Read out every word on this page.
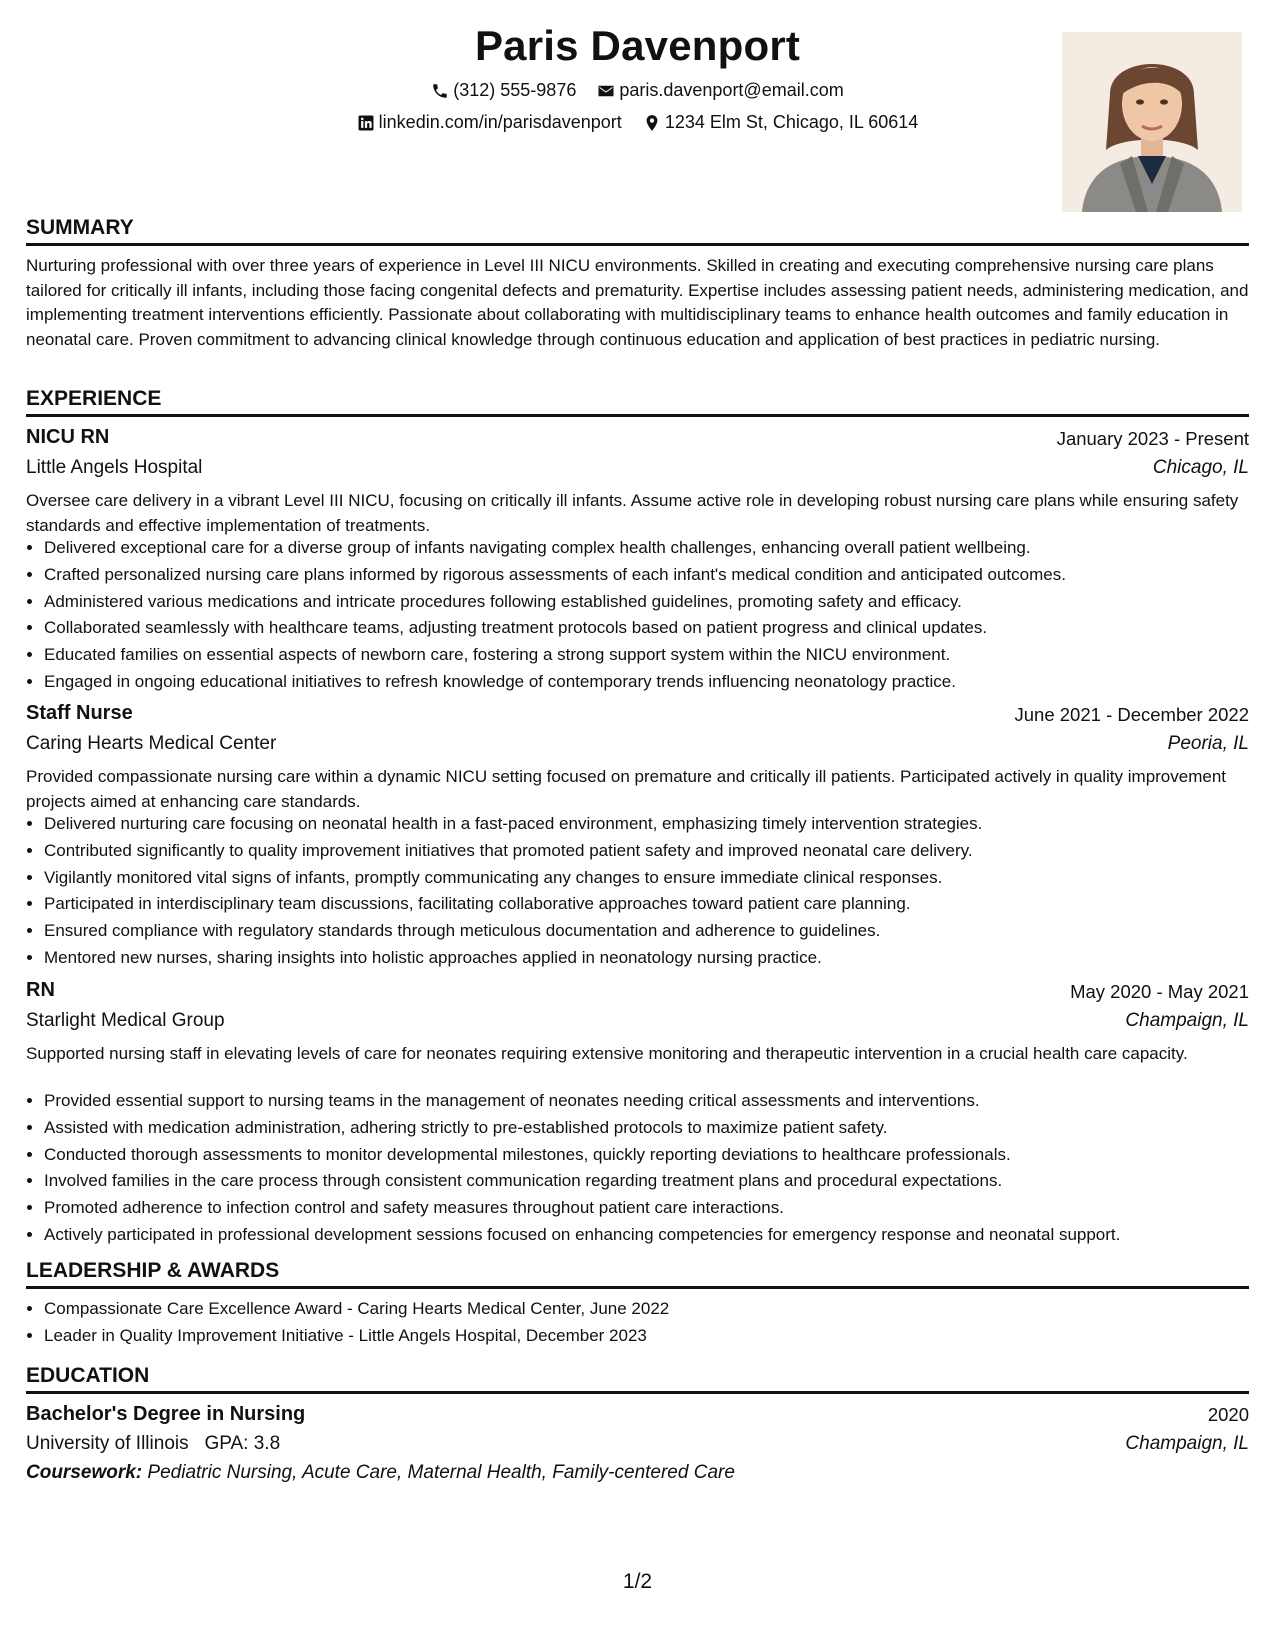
Paris Davenport
(312) 555-9876
paris.davenport@email.com
linkedin.com/in/parisdavenport
1234 Elm St, Chicago, IL 60614
SUMMARY
Nurturing professional with over three years of experience in Level III NICU environments. Skilled in creating and executing comprehensive nursing care plans tailored for critically ill infants, including those facing congenital defects and prematurity. Expertise includes assessing patient needs, administering medication, and implementing treatment interventions efficiently. Passionate about collaborating with multidisciplinary teams to enhance health outcomes and family education in neonatal care. Proven commitment to advancing clinical knowledge through continuous education and application of best practices in pediatric nursing.
EXPERIENCE
NICU RN	January 2023 - Present
Little Angels Hospital	Chicago, IL
Oversee care delivery in a vibrant Level III NICU, focusing on critically ill infants. Assume active role in developing robust nursing care plans while ensuring safety standards and effective implementation of treatments.
• Delivered exceptional care for a diverse group of infants navigating complex health challenges, enhancing overall patient wellbeing.
• Crafted personalized nursing care plans informed by rigorous assessments of each infant's medical condition and anticipated outcomes.
• Administered various medications and intricate procedures following established guidelines, promoting safety and efficacy.
• Collaborated seamlessly with healthcare teams, adjusting treatment protocols based on patient progress and clinical updates.
• Educated families on essential aspects of newborn care, fostering a strong support system within the NICU environment.
• Engaged in ongoing educational initiatives to refresh knowledge of contemporary trends influencing neonatology practice.
Staff Nurse	June 2021 - December 2022
Caring Hearts Medical Center	Peoria, IL
Provided compassionate nursing care within a dynamic NICU setting focused on premature and critically ill patients. Participated actively in quality improvement projects aimed at enhancing care standards.
• Delivered nurturing care focusing on neonatal health in a fast-paced environment, emphasizing timely intervention strategies.
• Contributed significantly to quality improvement initiatives that promoted patient safety and improved neonatal care delivery.
• Vigilantly monitored vital signs of infants, promptly communicating any changes to ensure immediate clinical responses.
• Participated in interdisciplinary team discussions, facilitating collaborative approaches toward patient care planning.
• Ensured compliance with regulatory standards through meticulous documentation and adherence to guidelines.
• Mentored new nurses, sharing insights into holistic approaches applied in neonatology nursing practice.
RN	May 2020 - May 2021
Starlight Medical Group	Champaign, IL
Supported nursing staff in elevating levels of care for neonates requiring extensive monitoring and therapeutic intervention in a crucial health care capacity.
• Provided essential support to nursing teams in the management of neonates needing critical assessments and interventions.
• Assisted with medication administration, adhering strictly to pre-established protocols to maximize patient safety.
• Conducted thorough assessments to monitor developmental milestones, quickly reporting deviations to healthcare professionals.
• Involved families in the care process through consistent communication regarding treatment plans and procedural expectations.
• Promoted adherence to infection control and safety measures throughout patient care interactions.
• Actively participated in professional development sessions focused on enhancing competencies for emergency response and neonatal support.
LEADERSHIP & AWARDS
• Compassionate Care Excellence Award - Caring Hearts Medical Center, June 2022
• Leader in Quality Improvement Initiative - Little Angels Hospital, December 2023
EDUCATION
Bachelor's Degree in Nursing	2020
University of Illinois GPA: 3.8	Champaign, IL
Coursework: Pediatric Nursing, Acute Care, Maternal Health, Family-centered Care
1/2
